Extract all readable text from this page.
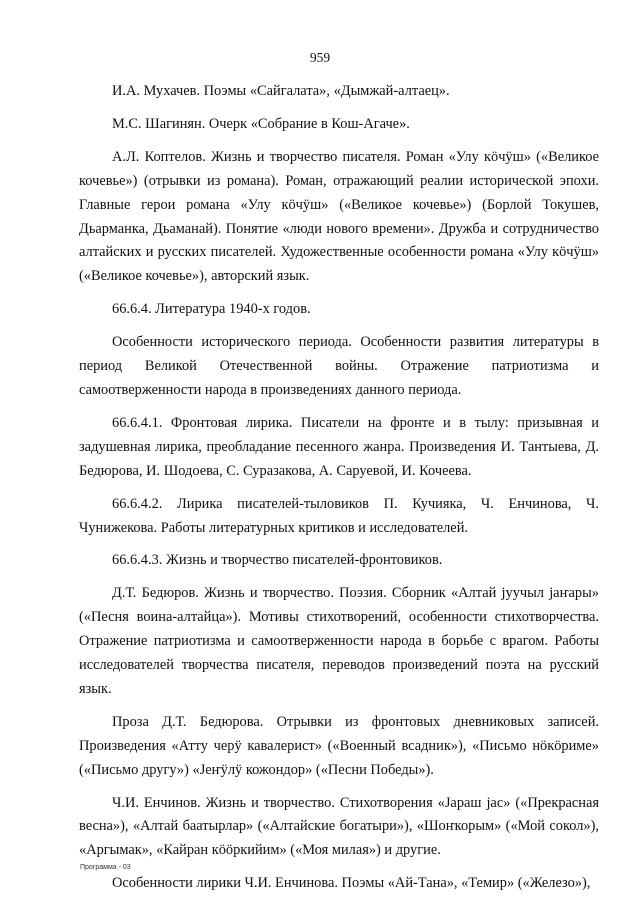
959

И.А. Мухачев. Поэмы «Сайгалата», «Дымжай-алтаец».

М.С. Шагинян. Очерк «Собрание в Кош-Агаче».

А.Л. Коптелов. Жизнь и творчество писателя. Роман «Улу кӧчӱш» («Великое кочевье») (отрывки из романа). Роман, отражающий реалии исторической эпохи. Главные герои романа «Улу кӧчӱш» («Великое кочевье») (Борлой Токушев, Дьарманка, Дьаманай). Понятие «люди нового времени». Дружба и сотрудничество алтайских и русских писателей. Художественные особенности романа «Улу кӧчӱш» («Великое кочевье»), авторский язык.

66.6.4. Литература 1940-х годов.

Особенности исторического периода. Особенности развития литературы в период Великой Отечественной войны. Отражение патриотизма и самоотверженности народа в произведениях данного периода.

66.6.4.1. Фронтовая лирика. Писатели на фронте и в тылу: призывная и задушевная лирика, преобладание песенного жанра. Произведения И. Тантыева, Д. Бедюрова, И. Шодоева, С. Суразакова, А. Саруевой, И. Кочеева.

66.6.4.2. Лирика писателей-тыловиков П. Кучияка, Ч. Енчинова, Ч. Чунижекова. Работы литературных критиков и исследователей.

66.6.4.3. Жизнь и творчество писателей-фронтовиков.

Д.Т. Бедюров. Жизнь и творчество. Поэзия. Сборник «Алтай јуучыл јаҥары» («Песня воина-алтайца»). Мотивы стихотворений, особенности стихотворчества. Отражение патриотизма и самоотверженности народа в борьбе с врагом. Работы исследователей творчества писателя, переводов произведений поэта на русский язык.

Проза Д.Т. Бедюрова. Отрывки из фронтовых дневниковых записей. Произведения «Атту черӱ кавалерист» («Военный всадник»), «Письмо нӧкӧриме» («Письмо другу») «Јеҥӱлӱ кожондор» («Песни Победы»).

Ч.И. Енчинов. Жизнь и творчество. Стихотворения «Јараш јас» («Прекрасная весна»), «Алтай баатырлар» («Алтайские богатыри»), «Шоҥкорым» («Мой сокол»), «Аргымак», «Кайран кӧӧркийим» («Моя милая») и другие.

Особенности лирики Ч.И. Енчинова. Поэмы «Ай-Тана», «Темир» («Железо»),

Программа - 03
